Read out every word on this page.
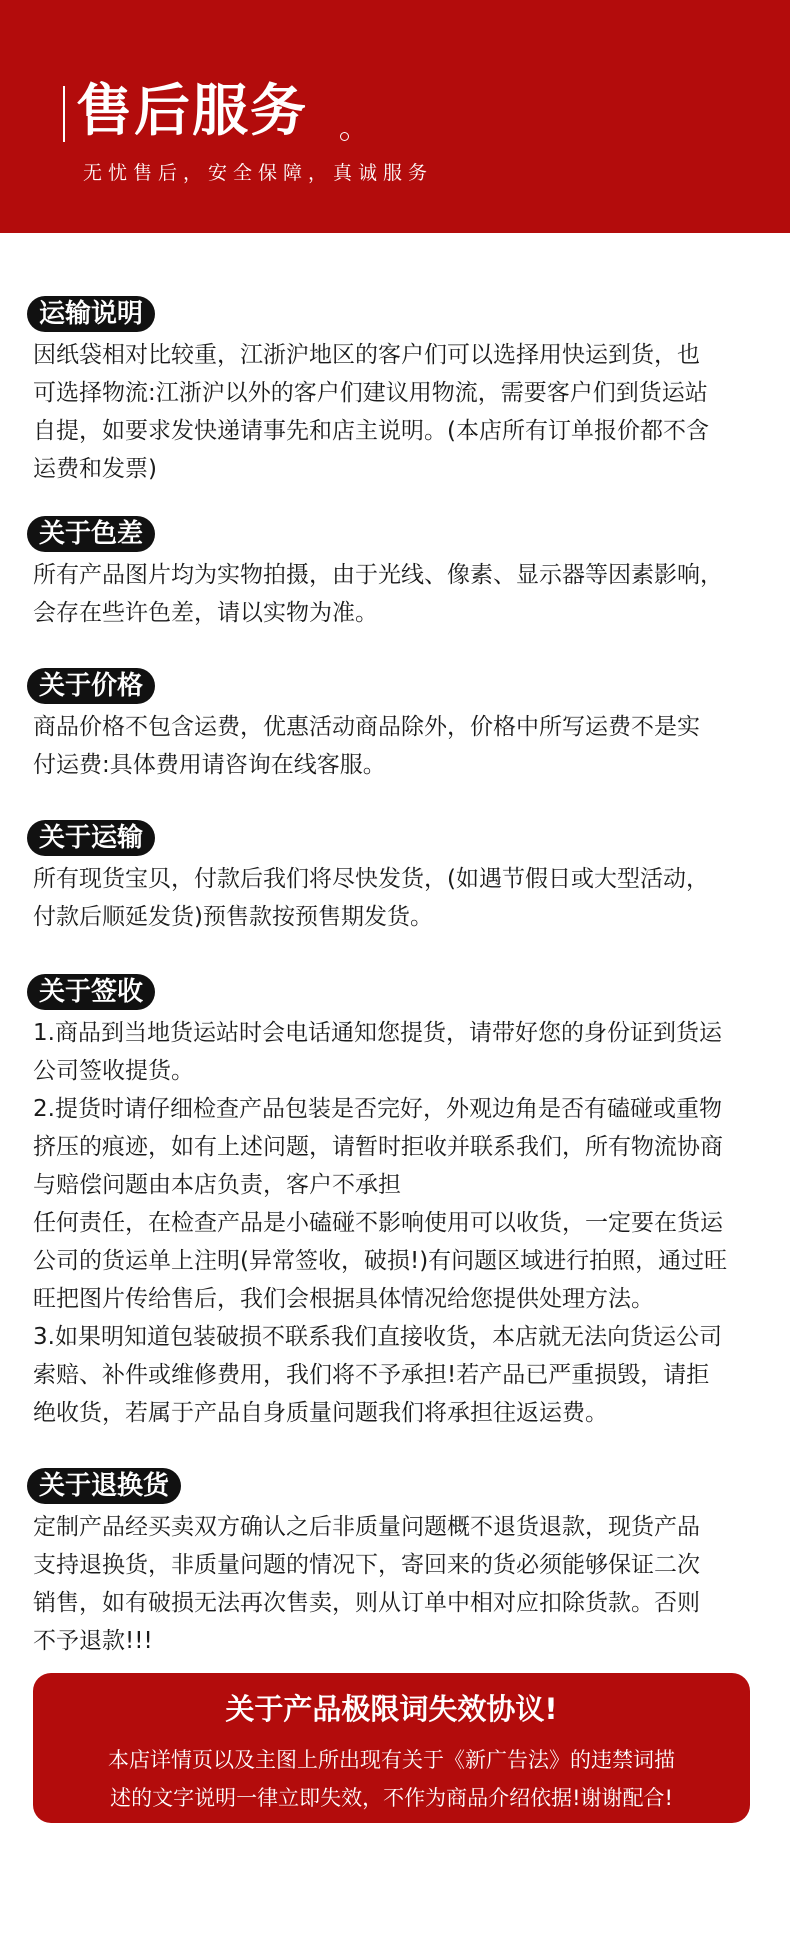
售后服务
无忧售后，安全保障，真诚服务
运输说明

因纸袋相对比较重，江浙沪地区的客户们可以选择用快运到货，也
可选择物流:江浙沪以外的客户们建议用物流，需要客户们到货运站
自提，如要求发快递请事先和店主说明。(本店所有订单报价都不含
运费和发票)

关于色差

所有产品图片均为实物拍摄，由于光线、像素、显示器等因素影响，
会存在些许色差，请以实物为准。

关于价格

商品价格不包含运费，优惠活动商品除外，价格中所写运费不是实
付运费:具体费用请咨询在线客服。

关于运输

所有现货宝贝，付款后我们将尽快发货，(如遇节假日或大型活动，
付款后顺延发货)预售款按预售期发货。

关于签收

1.商品到当地货运站时会电话通知您提货，请带好您的身份证到货运
公司签收提货。
2.提货时请仔细检查产品包装是否完好，外观边角是否有磕碰或重物
挤压的痕迹，如有上述问题，请暂时拒收并联系我们，所有物流协商
与赔偿问题由本店负责，客户不承担
任何责任，在检查产品是小磕碰不影响使用可以收货，一定要在货运
公司的货运单上注明(异常签收，破损!)有问题区域进行拍照，通过旺
旺把图片传给售后，我们会根据具体情况给您提供处理方法。
3.如果明知道包装破损不联系我们直接收货，本店就无法向货运公司
索赔、补件或维修费用，我们将不予承担!若产品已严重损毁，请拒
绝收货，若属于产品自身质量问题我们将承担往返运费。

关于退换货

定制产品经买卖双方确认之后非质量问题概不退货退款，现货产品
支持退换货，非质量问题的情况下，寄回来的货必须能够保证二次
销售，如有破损无法再次售卖，则从订单中相对应扣除货款。否则
不予退款!!!

关于产品极限词失效协议!
本店详情页以及主图上所出现有关于《新广告法》的违禁词描
述的文字说明一律立即失效，不作为商品介绍依据!谢谢配合!
